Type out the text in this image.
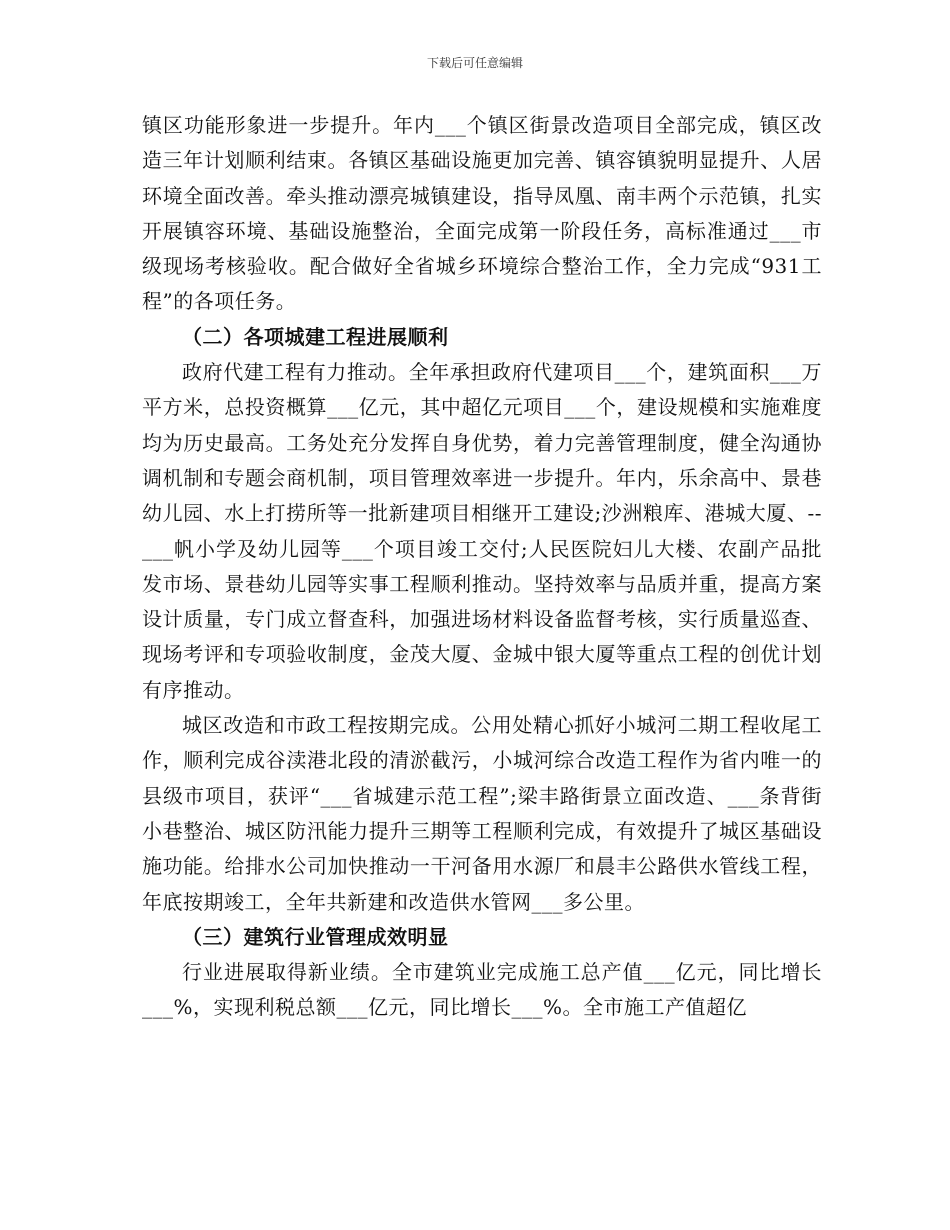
下载后可任意编辑

镇区功能形象进一步提升。年内___个镇区街景改造项目全部完成，镇区改造三年计划顺利结束。各镇区基础设施更加完善、镇容镇貌明显提升、人居环境全面改善。牵头推动漂亮城镇建设，指导凤凰、南丰两个示范镇，扎实开展镇容环境、基础设施整治，全面完成第一阶段任务，高标准通过___市级现场考核验收。配合做好全省城乡环境综合整治工作，全力完成“931工程”的各项任务。

（二）各项城建工程进展顺利

政府代建工程有力推动。全年承担政府代建项目___个，建筑面积___万平方米，总投资概算___亿元，其中超亿元项目___个，建设规模和实施难度均为历史最高。工务处充分发挥自身优势，着力完善管理制度，健全沟通协调机制和专题会商机制，项目管理效率进一步提升。年内，乐余高中、景巷幼儿园、水上打捞所等一批新建项目相继开工建设;沙洲粮库、港城大厦、--___帆小学及幼儿园等___个项目竣工交付;人民医院妇儿大楼、农副产品批发市场、景巷幼儿园等实事工程顺利推动。坚持效率与品质并重，提高方案设计质量，专门成立督查科，加强进场材料设备监督考核，实行质量巡查、现场考评和专项验收制度，金茂大厦、金城中银大厦等重点工程的创优计划有序推动。

城区改造和市政工程按期完成。公用处精心抓好小城河二期工程收尾工作，顺利完成谷渎港北段的清淤截污，小城河综合改造工程作为省内唯一的县级市项目，获评“___省城建示范工程”;梁丰路街景立面改造、___条背街小巷整治、城区防汛能力提升三期等工程顺利完成，有效提升了城区基础设施功能。给排水公司加快推动一干河备用水源厂和晨丰公路供水管线工程，年底按期竣工，全年共新建和改造供水管网___多公里。

（三）建筑行业管理成效明显

行业进展取得新业绩。全市建筑业完成施工总产值___亿元，同比增长___%，实现利税总额___亿元，同比增长___%。全市施工产值超亿
